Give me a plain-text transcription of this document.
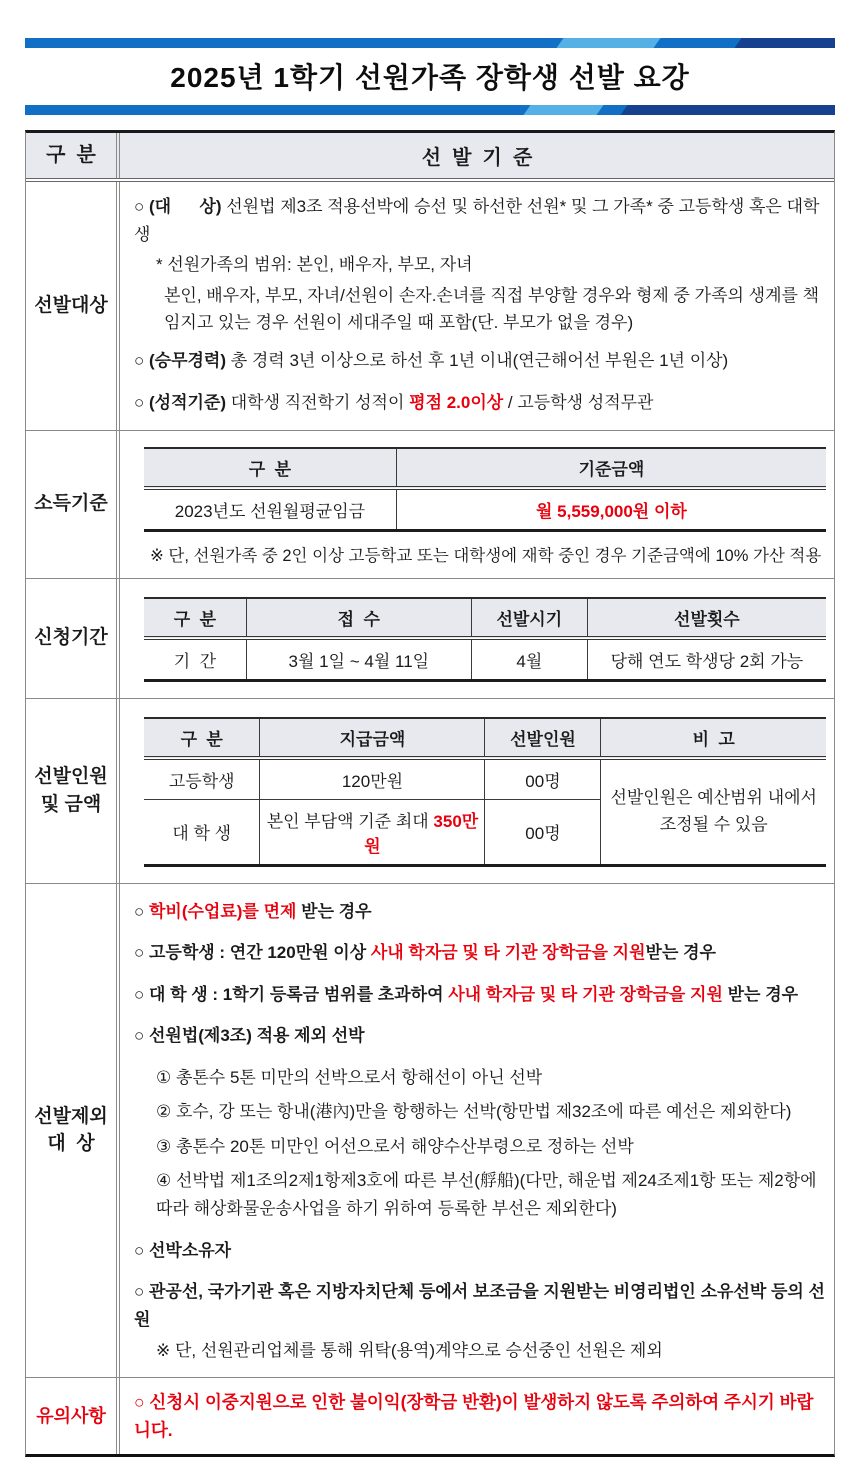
2025년 1학기 선원가족 장학생 선발 요강
구  분	선  발  기  준
선발대상
○ (대      상) 선원법 제3조 적용선박에 승선 및 하선한 선원* 및 그 가족* 중 고등학생 혹은 대학생
* 선원가족의 범위: 본인, 배우자, 부모, 자녀
본인, 배우자, 부모, 자녀/선원이 손자.손녀를 직접 부양할 경우와 형제 중 가족의 생계를 책임지고 있는 경우 선원이 세대주일 때 포함(단. 부모가 없을 경우)
○ (승무경력) 총 경력 3년 이상으로 하선 후 1년 이내(연근해어선 부원은 1년 이상)
○ (성적기준) 대학생 직전학기 성적이 평점 2.0이상 / 고등학생 성적무관
소득기준
구  분	기준금액
2023년도 선원월평균임금	월 5,559,000원 이하
※ 단, 선원가족 중 2인 이상 고등학교 또는 대학생에 재학 중인 경우 기준금액에 10% 가산 적용
신청기간
구  분	접  수	선발시기	선발횟수
기  간	3월 1일 ~ 4월 11일	4월	당해 연도 학생당 2회 가능
선발인원
및 금액
구  분	지급금액	선발인원	비  고
고등학생	120만원	00명	선발인원은 예산범위 내에서 조정될 수 있음
대 학 생	본인 부담액 기준 최대 350만원	00명	
선발제외
대  상
○ 학비(수업료)를 면제 받는 경우
○ 고등학생 : 연간 120만원 이상 사내 학자금 및 타 기관 장학금을 지원받는 경우
○ 대 학 생 : 1학기 등록금 범위를 초과하여 사내 학자금 및 타 기관 장학금을 지원 받는 경우
○ 선원법(제3조) 적용 제외 선박
① 총톤수 5톤 미만의 선박으로서 항해선이 아닌 선박
② 호수, 강 또는 항내(港內)만을 항행하는 선박(항만법 제32조에 따른 예선은 제외한다)
③ 총톤수 20톤 미만인 어선으로서 해양수산부령으로 정하는 선박
④ 선박법 제1조의2제1항제3호에 따른 부선(艀船)(다만, 해운법 제24조제1항 또는 제2항에 따라 해상화물운송사업을 하기 위하여 등록한 부선은 제외한다)
○ 선박소유자
○ 관공선, 국가기관 혹은 지방자치단체 등에서 보조금을 지원받는 비영리법인 소유선박 등의 선원
※ 단, 선원관리업체를 통해 위탁(용역)계약으로 승선중인 선원은 제외
유의사항
○ 신청시 이중지원으로 인한 불이익(장학금 반환)이 발생하지 않도록 주의하여 주시기 바랍니다.
